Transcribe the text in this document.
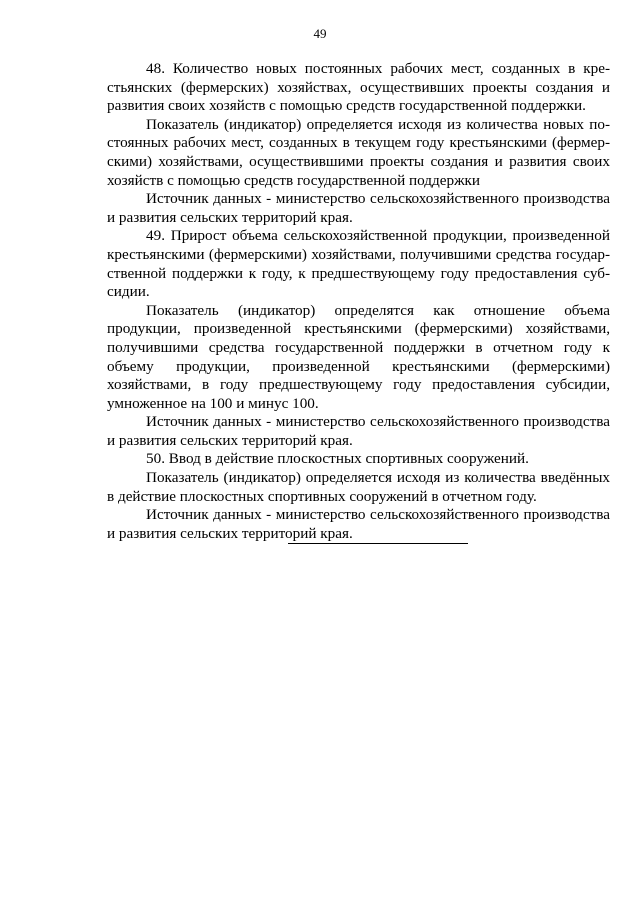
49

48. Количество новых постоянных рабочих мест, созданных в крестьянских (фермерских) хозяйствах, осуществивших проекты создания и развития своих хозяйств с помощью средств государственной поддержки.

Показатель (индикатор) определяется исходя из количества новых постоянных рабочих мест, созданных в текущем году крестьянскими (фермерскими) хозяйствами, осуществившими проекты создания и развития своих хозяйств с помощью средств государственной поддержки

Источник данных - министерство сельскохозяйственного производства и развития сельских территорий края.

49. Прирост объема сельскохозяйственной продукции, произведенной крестьянскими (фермерскими) хозяйствами, получившими средства государственной поддержки к году, к предшествующему году предоставления субсидии.

Показатель (индикатор) определятся как отношение объема продукции, произведенной крестьянскими (фермерскими) хозяйствами, получившими средства государственной поддержки в отчетном году к объему продукции, произведенной крестьянскими (фермерскими) хозяйствами, в году предшествующему году предоставления субсидии, умноженное на 100 и минус 100.

Источник данных - министерство сельскохозяйственного производства и развития сельских территорий края.

50. Ввод в действие плоскостных спортивных сооружений.

Показатель (индикатор) определяется исходя из количества введённых в действие плоскостных спортивных сооружений в отчетном году.

Источник данных - министерство сельскохозяйственного производства и развития сельских территорий края.
